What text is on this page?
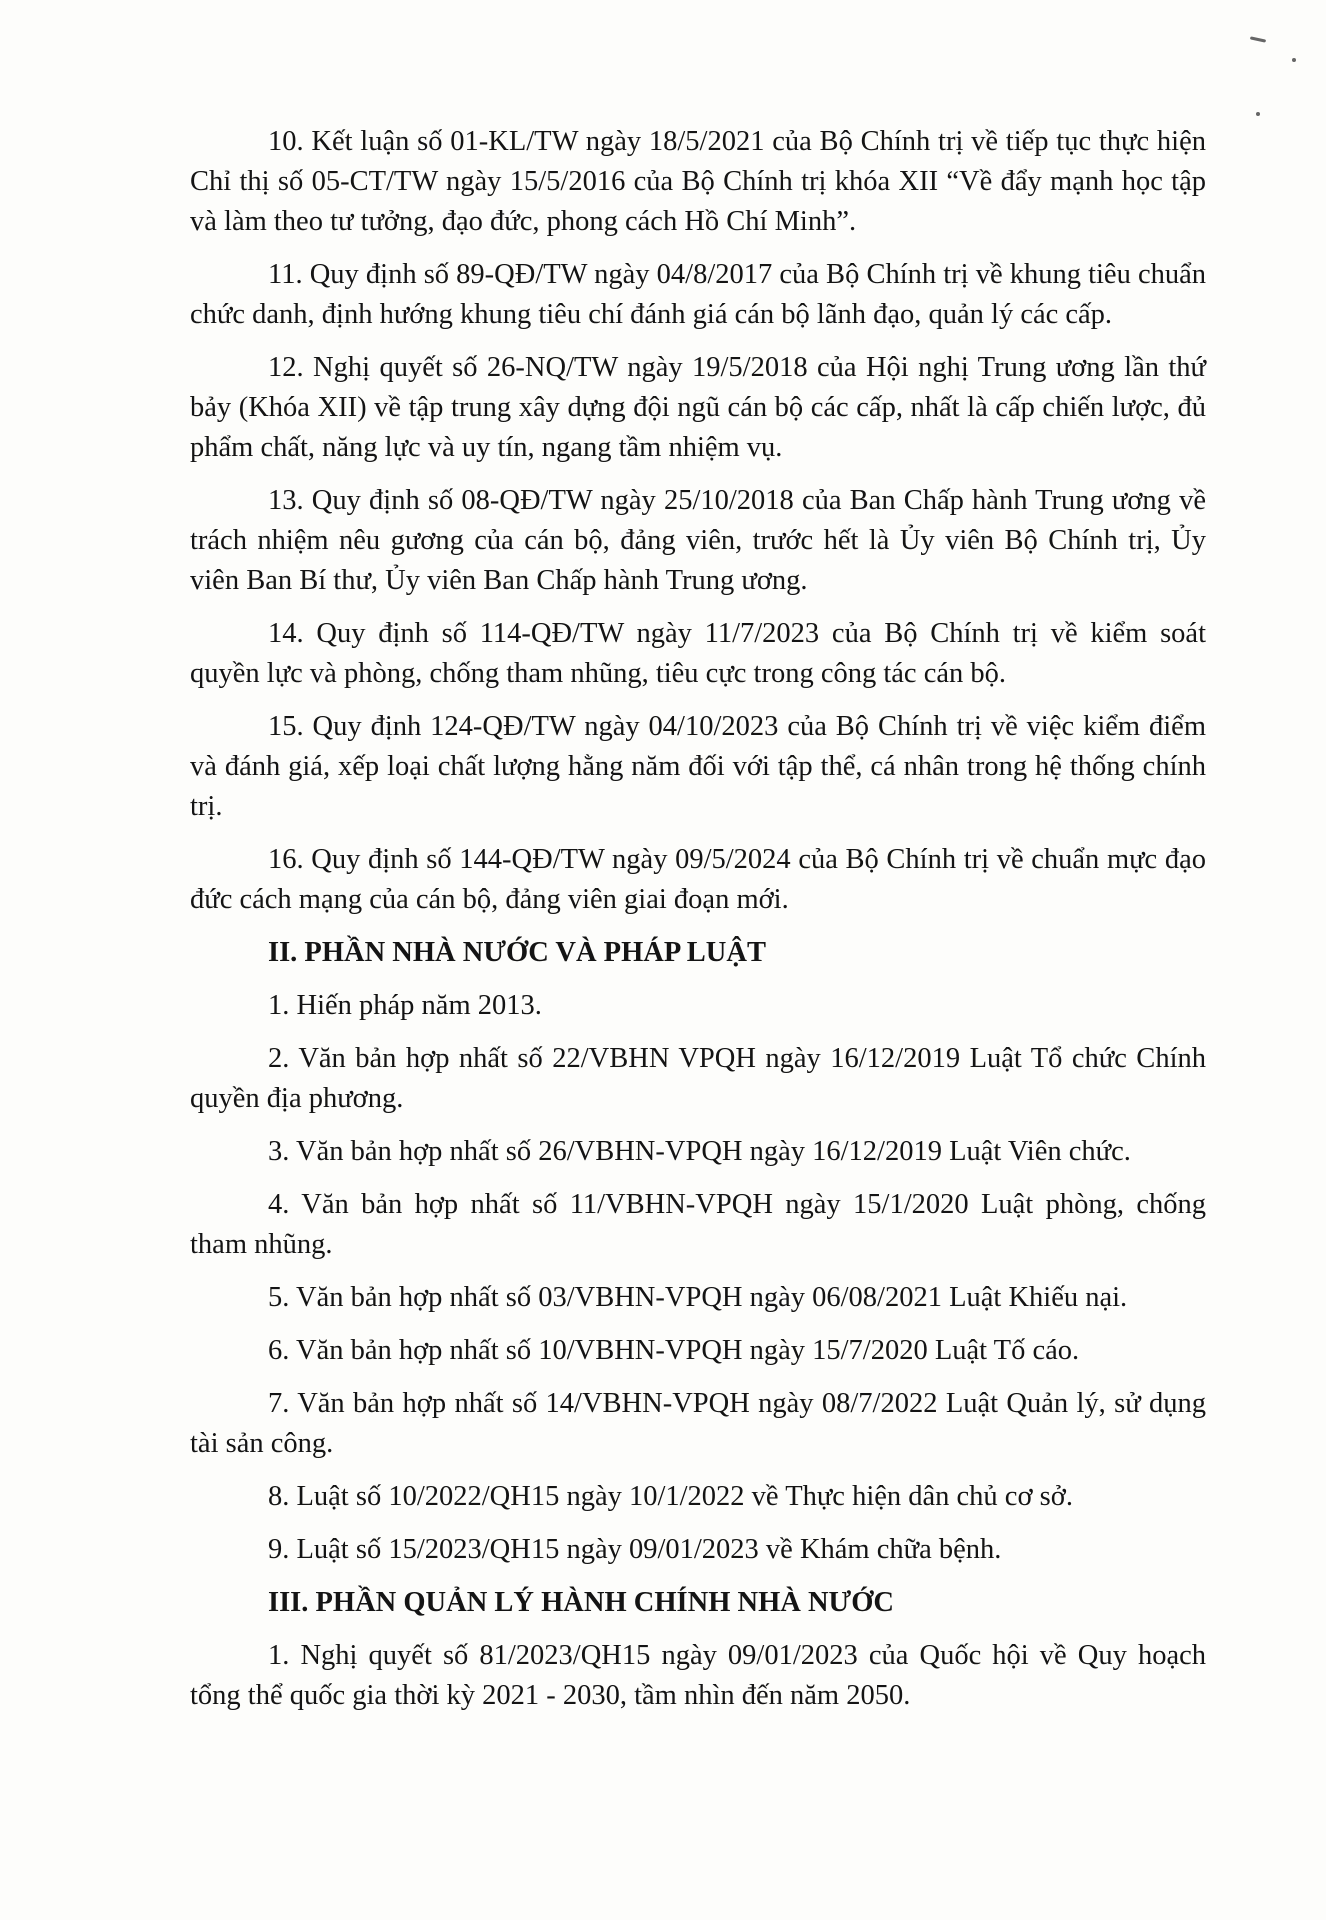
10. Kết luận số 01-KL/TW ngày 18/5/2021 của Bộ Chính trị về tiếp tục thực hiện Chỉ thị số 05-CT/TW ngày 15/5/2016 của Bộ Chính trị khóa XII “Về đẩy mạnh học tập và làm theo tư tưởng, đạo đức, phong cách Hồ Chí Minh”.

11. Quy định số 89-QĐ/TW ngày 04/8/2017 của Bộ Chính trị về khung tiêu chuẩn chức danh, định hướng khung tiêu chí đánh giá cán bộ lãnh đạo, quản lý các cấp.

12. Nghị quyết số 26-NQ/TW ngày 19/5/2018 của Hội nghị Trung ương lần thứ bảy (Khóa XII) về tập trung xây dựng đội ngũ cán bộ các cấp, nhất là cấp chiến lược, đủ phẩm chất, năng lực và uy tín, ngang tầm nhiệm vụ.

13. Quy định số 08-QĐ/TW ngày 25/10/2018 của Ban Chấp hành Trung ương về trách nhiệm nêu gương của cán bộ, đảng viên, trước hết là Ủy viên Bộ Chính trị, Ủy viên Ban Bí thư, Ủy viên Ban Chấp hành Trung ương.

14. Quy định số 114-QĐ/TW ngày 11/7/2023 của Bộ Chính trị về kiểm soát quyền lực và phòng, chống tham nhũng, tiêu cực trong công tác cán bộ.

15. Quy định 124-QĐ/TW ngày 04/10/2023 của Bộ Chính trị về việc kiểm điểm và đánh giá, xếp loại chất lượng hằng năm đối với tập thể, cá nhân trong hệ thống chính trị.

16. Quy định số 144-QĐ/TW ngày 09/5/2024 của Bộ Chính trị về chuẩn mực đạo đức cách mạng của cán bộ, đảng viên giai đoạn mới.

II. PHẦN NHÀ NƯỚC VÀ PHÁP LUẬT

1. Hiến pháp năm 2013.

2. Văn bản hợp nhất số 22/VBHN VPQH ngày 16/12/2019 Luật Tổ chức Chính quyền địa phương.

3. Văn bản hợp nhất số 26/VBHN-VPQH ngày 16/12/2019 Luật Viên chức.

4. Văn bản hợp nhất số 11/VBHN-VPQH ngày 15/1/2020 Luật phòng, chống tham nhũng.

5. Văn bản hợp nhất số 03/VBHN-VPQH ngày 06/08/2021 Luật Khiếu nại.

6. Văn bản hợp nhất số 10/VBHN-VPQH ngày 15/7/2020 Luật Tố cáo.

7. Văn bản hợp nhất số 14/VBHN-VPQH ngày 08/7/2022 Luật Quản lý, sử dụng tài sản công.

8. Luật số 10/2022/QH15 ngày 10/1/2022 về Thực hiện dân chủ cơ sở.

9. Luật số 15/2023/QH15 ngày 09/01/2023 về Khám chữa bệnh.

III. PHẦN QUẢN LÝ HÀNH CHÍNH NHÀ NƯỚC

1. Nghị quyết số 81/2023/QH15 ngày 09/01/2023 của Quốc hội về Quy hoạch tổng thể quốc gia thời kỳ 2021 - 2030, tầm nhìn đến năm 2050.
